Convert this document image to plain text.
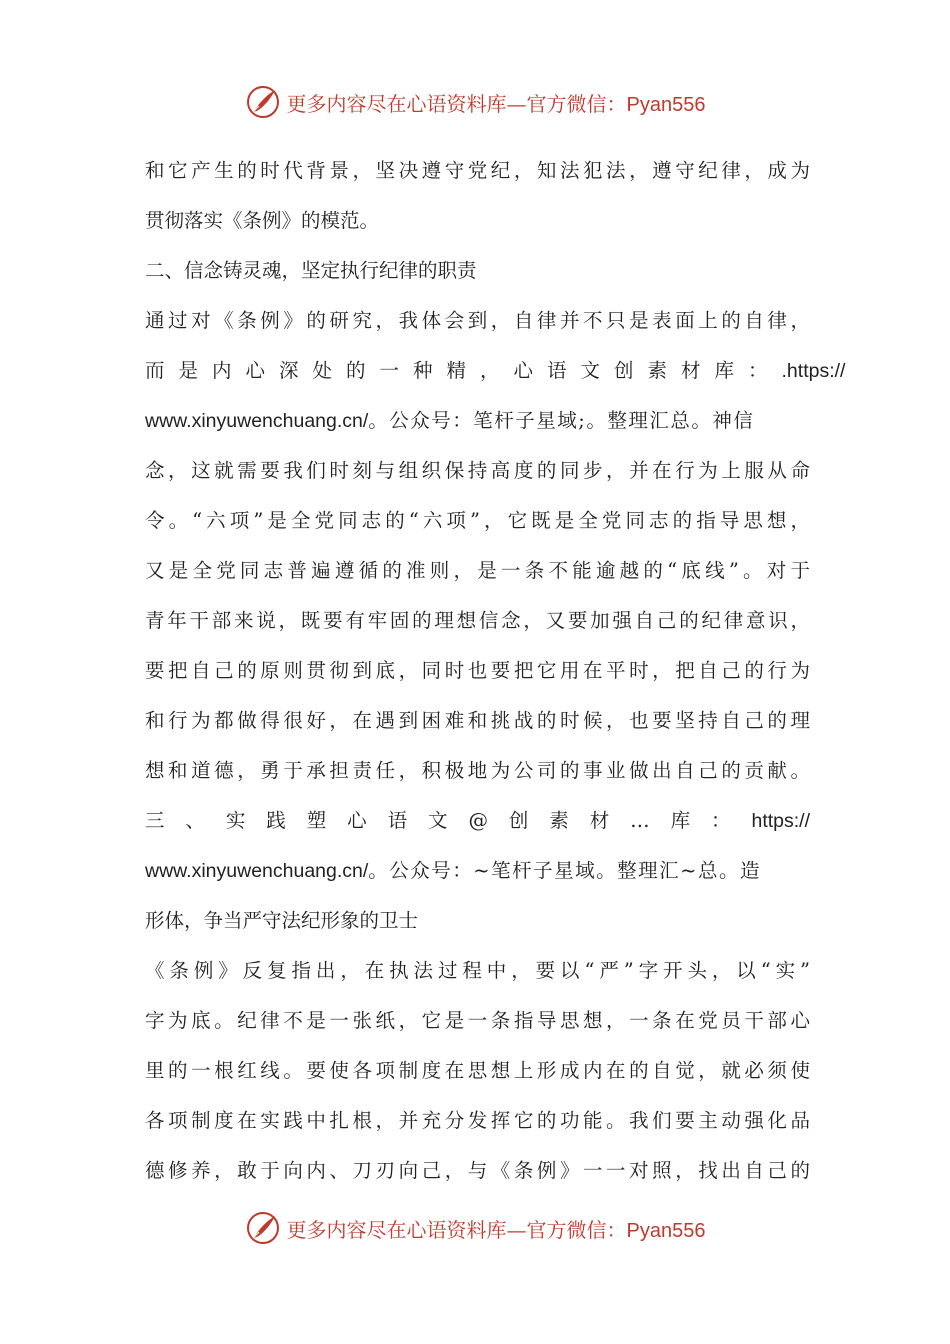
更多内容尽在心语资料库—官方微信：Pyan556
和它产生的时代背景，坚决遵守党纪，知法犯法，遵守纪律，成为
贯彻落实《条例》的模范。
二、信念铸灵魂，坚定执行纪律的职责
通过对《条例》的研究，我体会到，自律并不只是表面上的自律，
而是内心深处的一种精，心语文创素材库：.https://
www.xinyuwenchuang.cn/。公众号：笔杆子星域;。整理汇总。神信
念，这就需要我们时刻与组织保持高度的同步，并在行为上服从命
令。“六项”是全党同志的“六项”，它既是全党同志的指导思想，
又是全党同志普遍遵循的准则，是一条不能逾越的“底线”。对于
青年干部来说，既要有牢固的理想信念，又要加强自己的纪律意识，
要把自己的原则贯彻到底，同时也要把它用在平时，把自己的行为
和行为都做得很好，在遇到困难和挑战的时候，也要坚持自己的理
想和道德，勇于承担责任，积极地为公司的事业做出自己的贡献。
三、实践塑心语文@创素材…库：https://
www.xinyuwenchuang.cn/。公众号：~笔杆子星域。整理汇~总。造
形体，争当严守法纪形象的卫士
《条例》反复指出，在执法过程中，要以“严”字开头，以“实”
字为底。纪律不是一张纸，它是一条指导思想，一条在党员干部心
里的一根红线。要使各项制度在思想上形成内在的自觉，就必须使
各项制度在实践中扎根，并充分发挥它的功能。我们要主动强化品
德修养，敢于向内、刀刃向己，与《条例》一一对照，找出自己的
更多内容尽在心语资料库—官方微信：Pyan556
